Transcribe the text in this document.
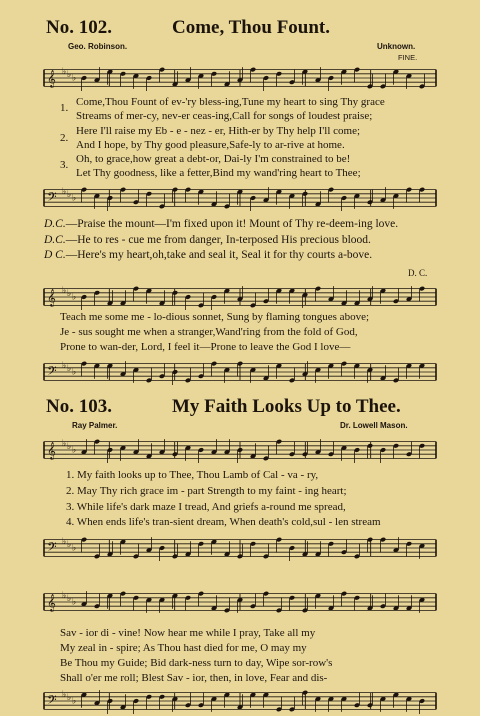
No. 102.	Come, Thou Fount.
Geo. Robinson.	Unknown.
FINE.
𝄞 ♭ ♭ ♭
1.
2.
3.
Come,Thou Fount of ev-'ry bless-ing,Tune my heart to sing Thy grace
Streams of mer-cy, nev-er ceas-ing,Call for songs of loudest praise;
Here I'll raise my Eb - e - nez - er, Hith-er by Thy help I'll come;
And I hope, by Thy good pleasure,Safe-ly to ar-rive at home.
Oh, to grace,how great a debt-or, Dai-ly I'm constrained to be!
Let Thy goodness, like a fetter,Bind my wand'ring heart to Thee;
𝄢 ♭ ♭ ♭
D.C.—Praise the mount—I'm fixed upon it! Mount of Thy re-deem-ing love.
D.C.—He to res - cue me from danger, In-terposed His precious blood.
D C.—Here's my heart,oh,take and seal it, Seal it for thy courts a-bove.
D. C.
𝄞 ♭ ♭ ♭
Teach me some me - lo-dious sonnet, Sung by flaming tongues above;
Je - sus sought me when a stranger,Wand'ring from the fold of God,
Prone to wan-der, Lord, I feel it—Prone to leave the God I love—
𝄢 ♭ ♭ ♭
No. 103.	My Faith Looks Up to Thee.
Ray Palmer.	Dr. Lowell Mason.
𝄞 ♭ ♭ ♭
1. My faith looks up to Thee, Thou Lamb of Cal - va - ry,
2. May Thy rich grace im - part Strength to my faint - ing heart;
3. While life's dark maze I tread, And griefs a-round me spread,
4. When ends life's tran-sient dream, When death's cold,sul - len stream
𝄢 ♭ ♭ ♭
𝄞 ♭ ♭ ♭
Sav - ior di - vine! Now hear me while I pray, Take all my
My zeal in - spire; As Thou hast died for me, O may my
Be Thou my Guide; Bid dark-ness turn to day, Wipe sor-row's
Shall o'er me roll; Blest Sav - ior, then, in love, Fear and dis-
𝄢 ♭ ♭ ♭
